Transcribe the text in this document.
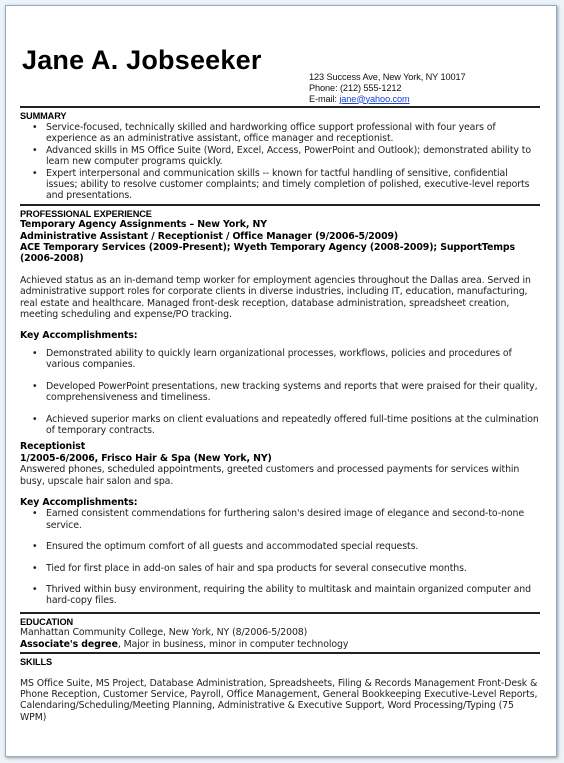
Jane A. Jobseeker
123 Success Ave, New York, NY 10017
Phone: (212) 555-1212
E-mail: jane@yahoo.com
SUMMARY
• Service-focused, technically skilled and hardworking office support professional with four years of experience as an administrative assistant, office manager and receptionist.
• Advanced skills in MS Office Suite (Word, Excel, Access, PowerPoint and Outlook); demonstrated ability to learn new computer programs quickly.
• Expert interpersonal and communication skills -- known for tactful handling of sensitive, confidential issues; ability to resolve customer complaints; and timely completion of polished, executive-level reports and presentations.
PROFESSIONAL EXPERIENCE
Temporary Agency Assignments – New York, NY
Administrative Assistant / Receptionist / Office Manager (9/2006-5/2009)
ACE Temporary Services (2009-Present); Wyeth Temporary Agency (2008-2009); SupportTemps (2006-2008)

Achieved status as an in-demand temp worker for employment agencies throughout the Dallas area. Served in administrative support roles for corporate clients in diverse industries, including IT, education, manufacturing, real estate and healthcare. Managed front-desk reception, database administration, spreadsheet creation, meeting scheduling and expense/PO tracking.

Key Accomplishments:
• Demonstrated ability to quickly learn organizational processes, workflows, policies and procedures of various companies.
• Developed PowerPoint presentations, new tracking systems and reports that were praised for their quality, comprehensiveness and timeliness.
• Achieved superior marks on client evaluations and repeatedly offered full-time positions at the culmination of temporary contracts.
Receptionist
1/2005-6/2006, Frisco Hair & Spa (New York, NY)

Answered phones, scheduled appointments, greeted customers and processed payments for services within busy, upscale hair salon and spa.

Key Accomplishments:
• Earned consistent commendations for furthering salon's desired image of elegance and second-to-none service.
• Ensured the optimum comfort of all guests and accommodated special requests.
• Tied for first place in add-on sales of hair and spa products for several consecutive months.
• Thrived within busy environment, requiring the ability to multitask and maintain organized computer and hard-copy files.
EDUCATION
Manhattan Community College, New York, NY (8/2006-5/2008)
Associate's degree, Major in business, minor in computer technology
SKILLS

MS Office Suite, MS Project, Database Administration, Spreadsheets, Filing & Records Management Front-Desk & Phone Reception, Customer Service, Payroll, Office Management, General Bookkeeping Executive-Level Reports, Calendaring/Scheduling/Meeting Planning, Administrative & Executive Support, Word Processing/Typing (75 WPM)
